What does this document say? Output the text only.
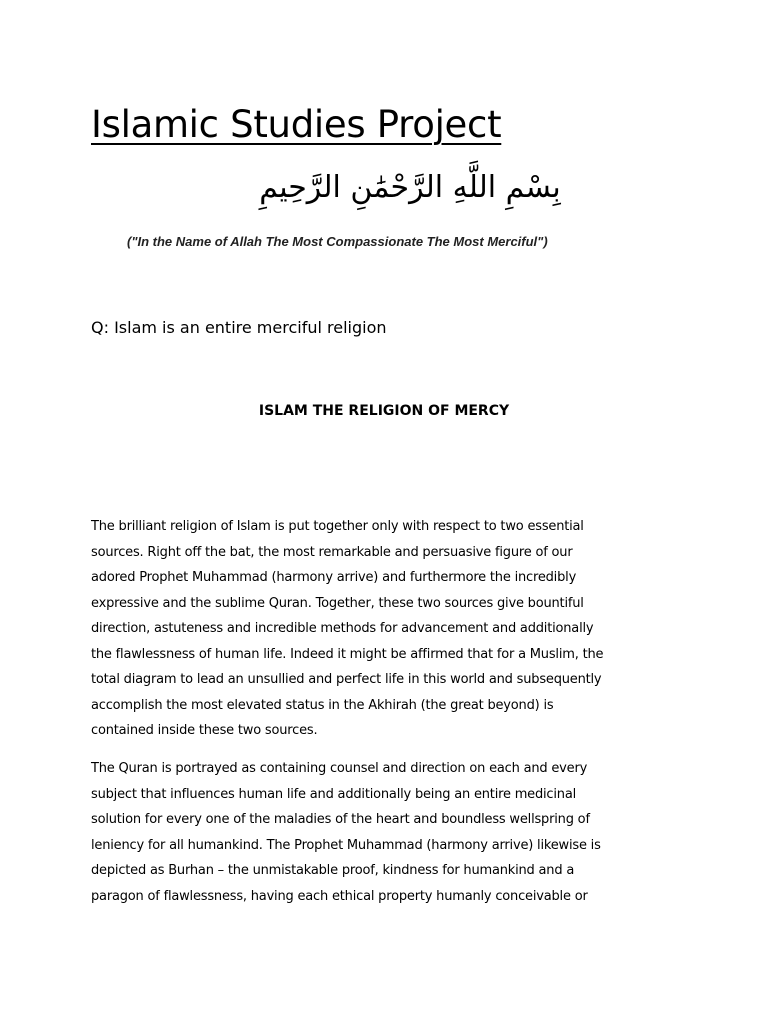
Islamic Studies Project
بِسْمِ اللَّهِ الرَّحْمَٰنِ الرَّحِيمِ
("In the Name of Allah The Most Compassionate The Most Merciful")
Q: Islam is an entire merciful religion
ISLAM THE RELIGION OF MERCY

The brilliant religion of Islam is put together only with respect to two essential
sources. Right off the bat, the most remarkable and persuasive figure of our
adored Prophet Muhammad (harmony arrive) and furthermore the incredibly
expressive and the sublime Quran. Together, these two sources give bountiful
direction, astuteness and incredible methods for advancement and additionally
the flawlessness of human life. Indeed it might be affirmed that for a Muslim, the
total diagram to lead an unsullied and perfect life in this world and subsequently
accomplish the most elevated status in the Akhirah (the great beyond) is
contained inside these two sources.

The Quran is portrayed as containing counsel and direction on each and every
subject that influences human life and additionally being an entire medicinal
solution for every one of the maladies of the heart and boundless wellspring of
leniency for all humankind. The Prophet Muhammad (harmony arrive) likewise is
depicted as Burhan – the unmistakable proof, kindness for humankind and a
paragon of flawlessness, having each ethical property humanly conceivable or
